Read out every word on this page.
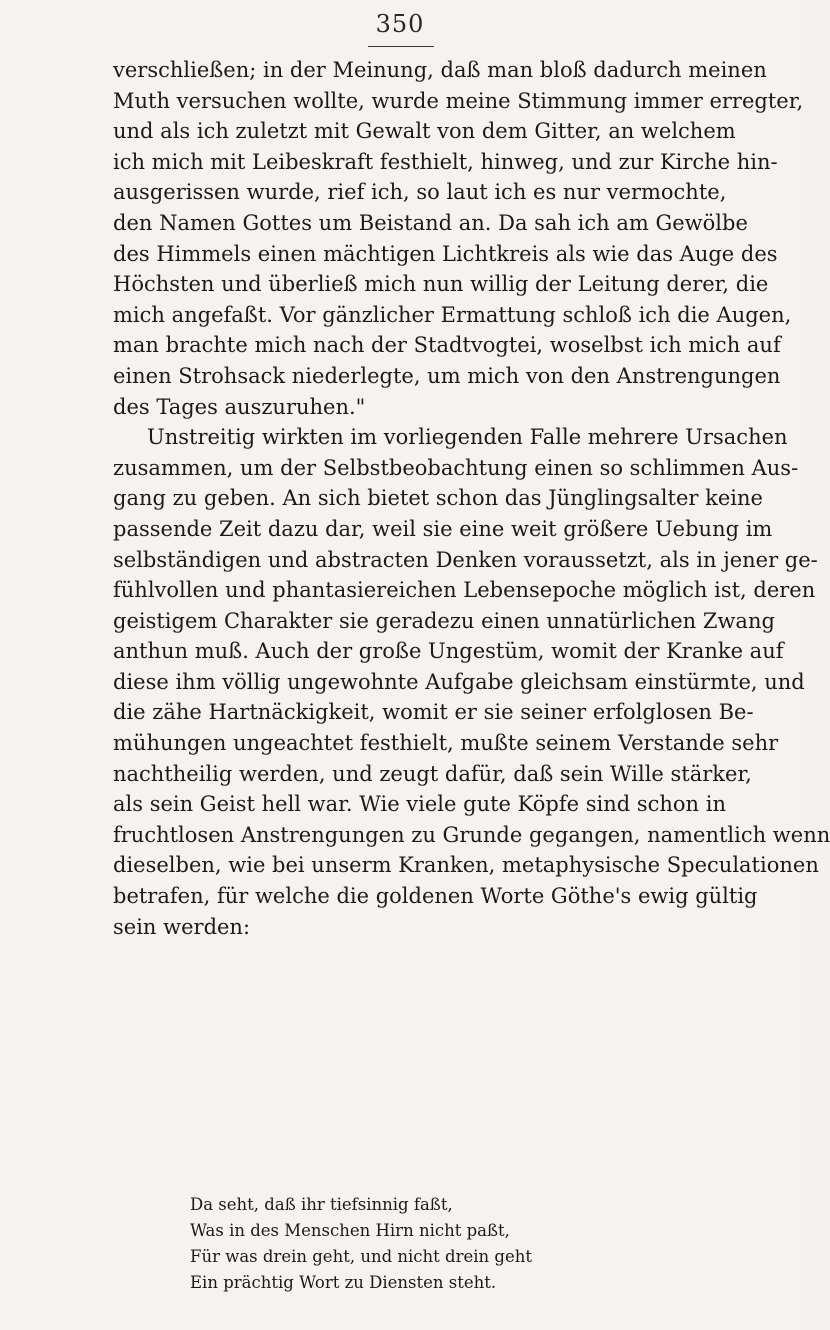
350
verschließen; in der Meinung, daß man bloß dadurch meinen
Muth versuchen wollte, wurde meine Stimmung immer erregter,
und als ich zuletzt mit Gewalt von dem Gitter, an welchem
ich mich mit Leibeskraft festhielt, hinweg, und zur Kirche hin-
ausgerissen wurde, rief ich, so laut ich es nur vermochte,
den Namen Gottes um Beistand an. Da sah ich am Gewölbe
des Himmels einen mächtigen Lichtkreis als wie das Auge des
Höchsten und überließ mich nun willig der Leitung derer, die
mich angefaßt. Vor gänzlicher Ermattung schloß ich die Augen,
man brachte mich nach der Stadtvogtei, woselbst ich mich auf
einen Strohsack niederlegte, um mich von den Anstrengungen
des Tages auszuruhen."
Unstreitig wirkten im vorliegenden Falle mehrere Ursachen
zusammen, um der Selbstbeobachtung einen so schlimmen Aus-
gang zu geben. An sich bietet schon das Jünglingsalter keine
passende Zeit dazu dar, weil sie eine weit größere Uebung im
selbständigen und abstracten Denken voraussetzt, als in jener ge-
fühlvollen und phantasiereichen Lebensepoche möglich ist, deren
geistigem Charakter sie geradezu einen unnatürlichen Zwang
anthun muß. Auch der große Ungestüm, womit der Kranke auf
diese ihm völlig ungewohnte Aufgabe gleichsam einstürmte, und
die zähe Hartnäckigkeit, womit er sie seiner erfolglosen Be-
mühungen ungeachtet festhielt, mußte seinem Verstande sehr
nachtheilig werden, und zeugt dafür, daß sein Wille stärker,
als sein Geist hell war. Wie viele gute Köpfe sind schon in
fruchtlosen Anstrengungen zu Grunde gegangen, namentlich wenn
dieselben, wie bei unserm Kranken, metaphysische Speculationen
betrafen, für welche die goldenen Worte Göthe's ewig gültig
sein werden:
Da seht, daß ihr tiefsinnig faßt,
Was in des Menschen Hirn nicht paßt,
Für was drein geht, und nicht drein geht
Ein prächtig Wort zu Diensten steht.
